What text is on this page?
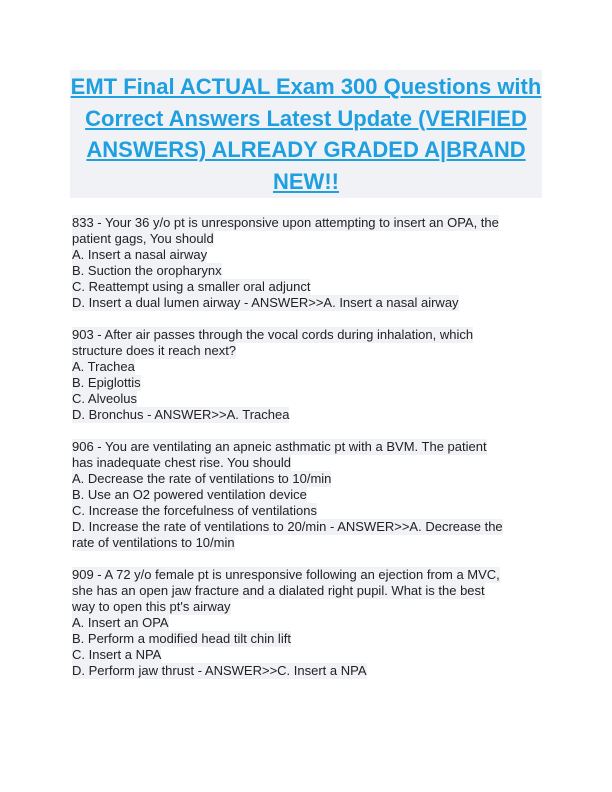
EMT Final ACTUAL Exam 300 Questions with Correct Answers Latest Update (VERIFIED ANSWERS) ALREADY GRADED A|BRAND NEW!!
833 - Your 36 y/o pt is unresponsive upon attempting to insert an OPA, the
patient gags, You should
A. Insert a nasal airway
B. Suction the oropharynx
C. Reattempt using a smaller oral adjunct
D. Insert a dual lumen airway - ANSWER>>A. Insert a nasal airway
903 - After air passes through the vocal cords during inhalation, which
structure does it reach next?
A. Trachea
B. Epiglottis
C. Alveolus
D. Bronchus - ANSWER>>A. Trachea
906 - You are ventilating an apneic asthmatic pt with a BVM. The patient
has inadequate chest rise. You should
A. Decrease the rate of ventilations to 10/min
B. Use an O2 powered ventilation device
C. Increase the forcefulness of ventilations
D. Increase the rate of ventilations to 20/min - ANSWER>>A. Decrease the
rate of ventilations to 10/min
909 - A 72 y/o female pt is unresponsive following an ejection from a MVC,
she has an open jaw fracture and a dialated right pupil. What is the best
way to open this pt's airway
A. Insert an OPA
B. Perform a modified head tilt chin lift
C. Insert a NPA
D. Perform jaw thrust - ANSWER>>C. Insert a NPA
